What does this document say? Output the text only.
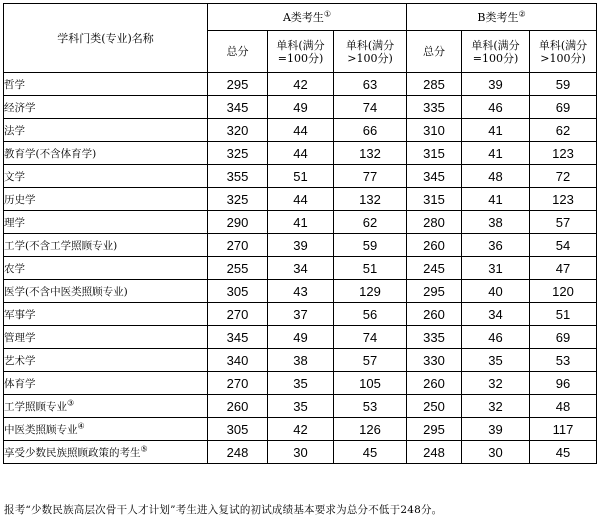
学科门类(专业)名称	A类考生①			B类考生②
	总分	单科(满分=100分)	单科(满分>100分)	总分	单科(满分=100分)	单科(满分>100分)
哲学	295	42	63	285	39	59
经济学	345	49	74	335	46	69
法学	320	44	66	310	41	62
教育学(不含体育学)	325	44	132	315	41	123
文学	355	51	77	345	48	72
历史学	325	44	132	315	41	123
理学	290	41	62	280	38	57
工学(不含工学照顾专业)	270	39	59	260	36	54
农学	255	34	51	245	31	47
医学(不含中医类照顾专业)	305	43	129	295	40	120
军事学	270	37	56	260	34	51
管理学	345	49	74	335	46	69
艺术学	340	38	57	330	35	53
体育学	270	35	105	260	32	96
工学照顾专业③	260	35	53	250	32	48
中医类照顾专业④	305	42	126	295	39	117
享受少数民族照顾政策的考生⑤	248	30	45	248	30	45
报考“少数民族高层次骨干人才计划”考生进入复试的初试成绩基本要求为总分不低于248分。
